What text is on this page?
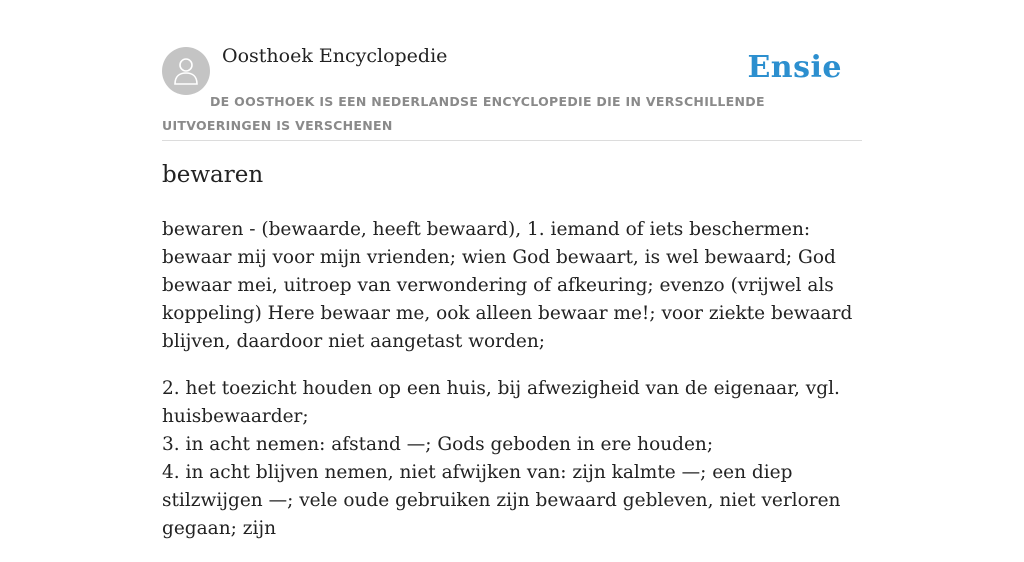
Oosthoek Encyclopedie	Ensie
DE OOSTHOEK IS EEN NEDERLANDSE ENCYCLOPEDIE DIE IN VERSCHILLENDE UITVOERINGEN IS VERSCHENEN
bewaren

bewaren - (bewaarde, heeft bewaard), 1. iemand of iets beschermen: bewaar mij voor mijn vrienden; wien God bewaart, is wel bewaard; God bewaar mei, uitroep van verwondering of afkeuring; evenzo (vrijwel als koppeling) Here bewaar me, ook alleen bewaar me!; voor ziekte bewaard blijven, daardoor niet aangetast worden;

2. het toezicht houden op een huis, bij afwezigheid van de eigenaar, vgl. huisbewaarder;
3. in acht nemen: afstand —; Gods geboden in ere houden;
4. in acht blijven nemen, niet afwijken van: zijn kalmte —; een diep stilzwijgen —; vele oude gebruiken zijn bewaard gebleven, niet verloren gegaan; zijn
